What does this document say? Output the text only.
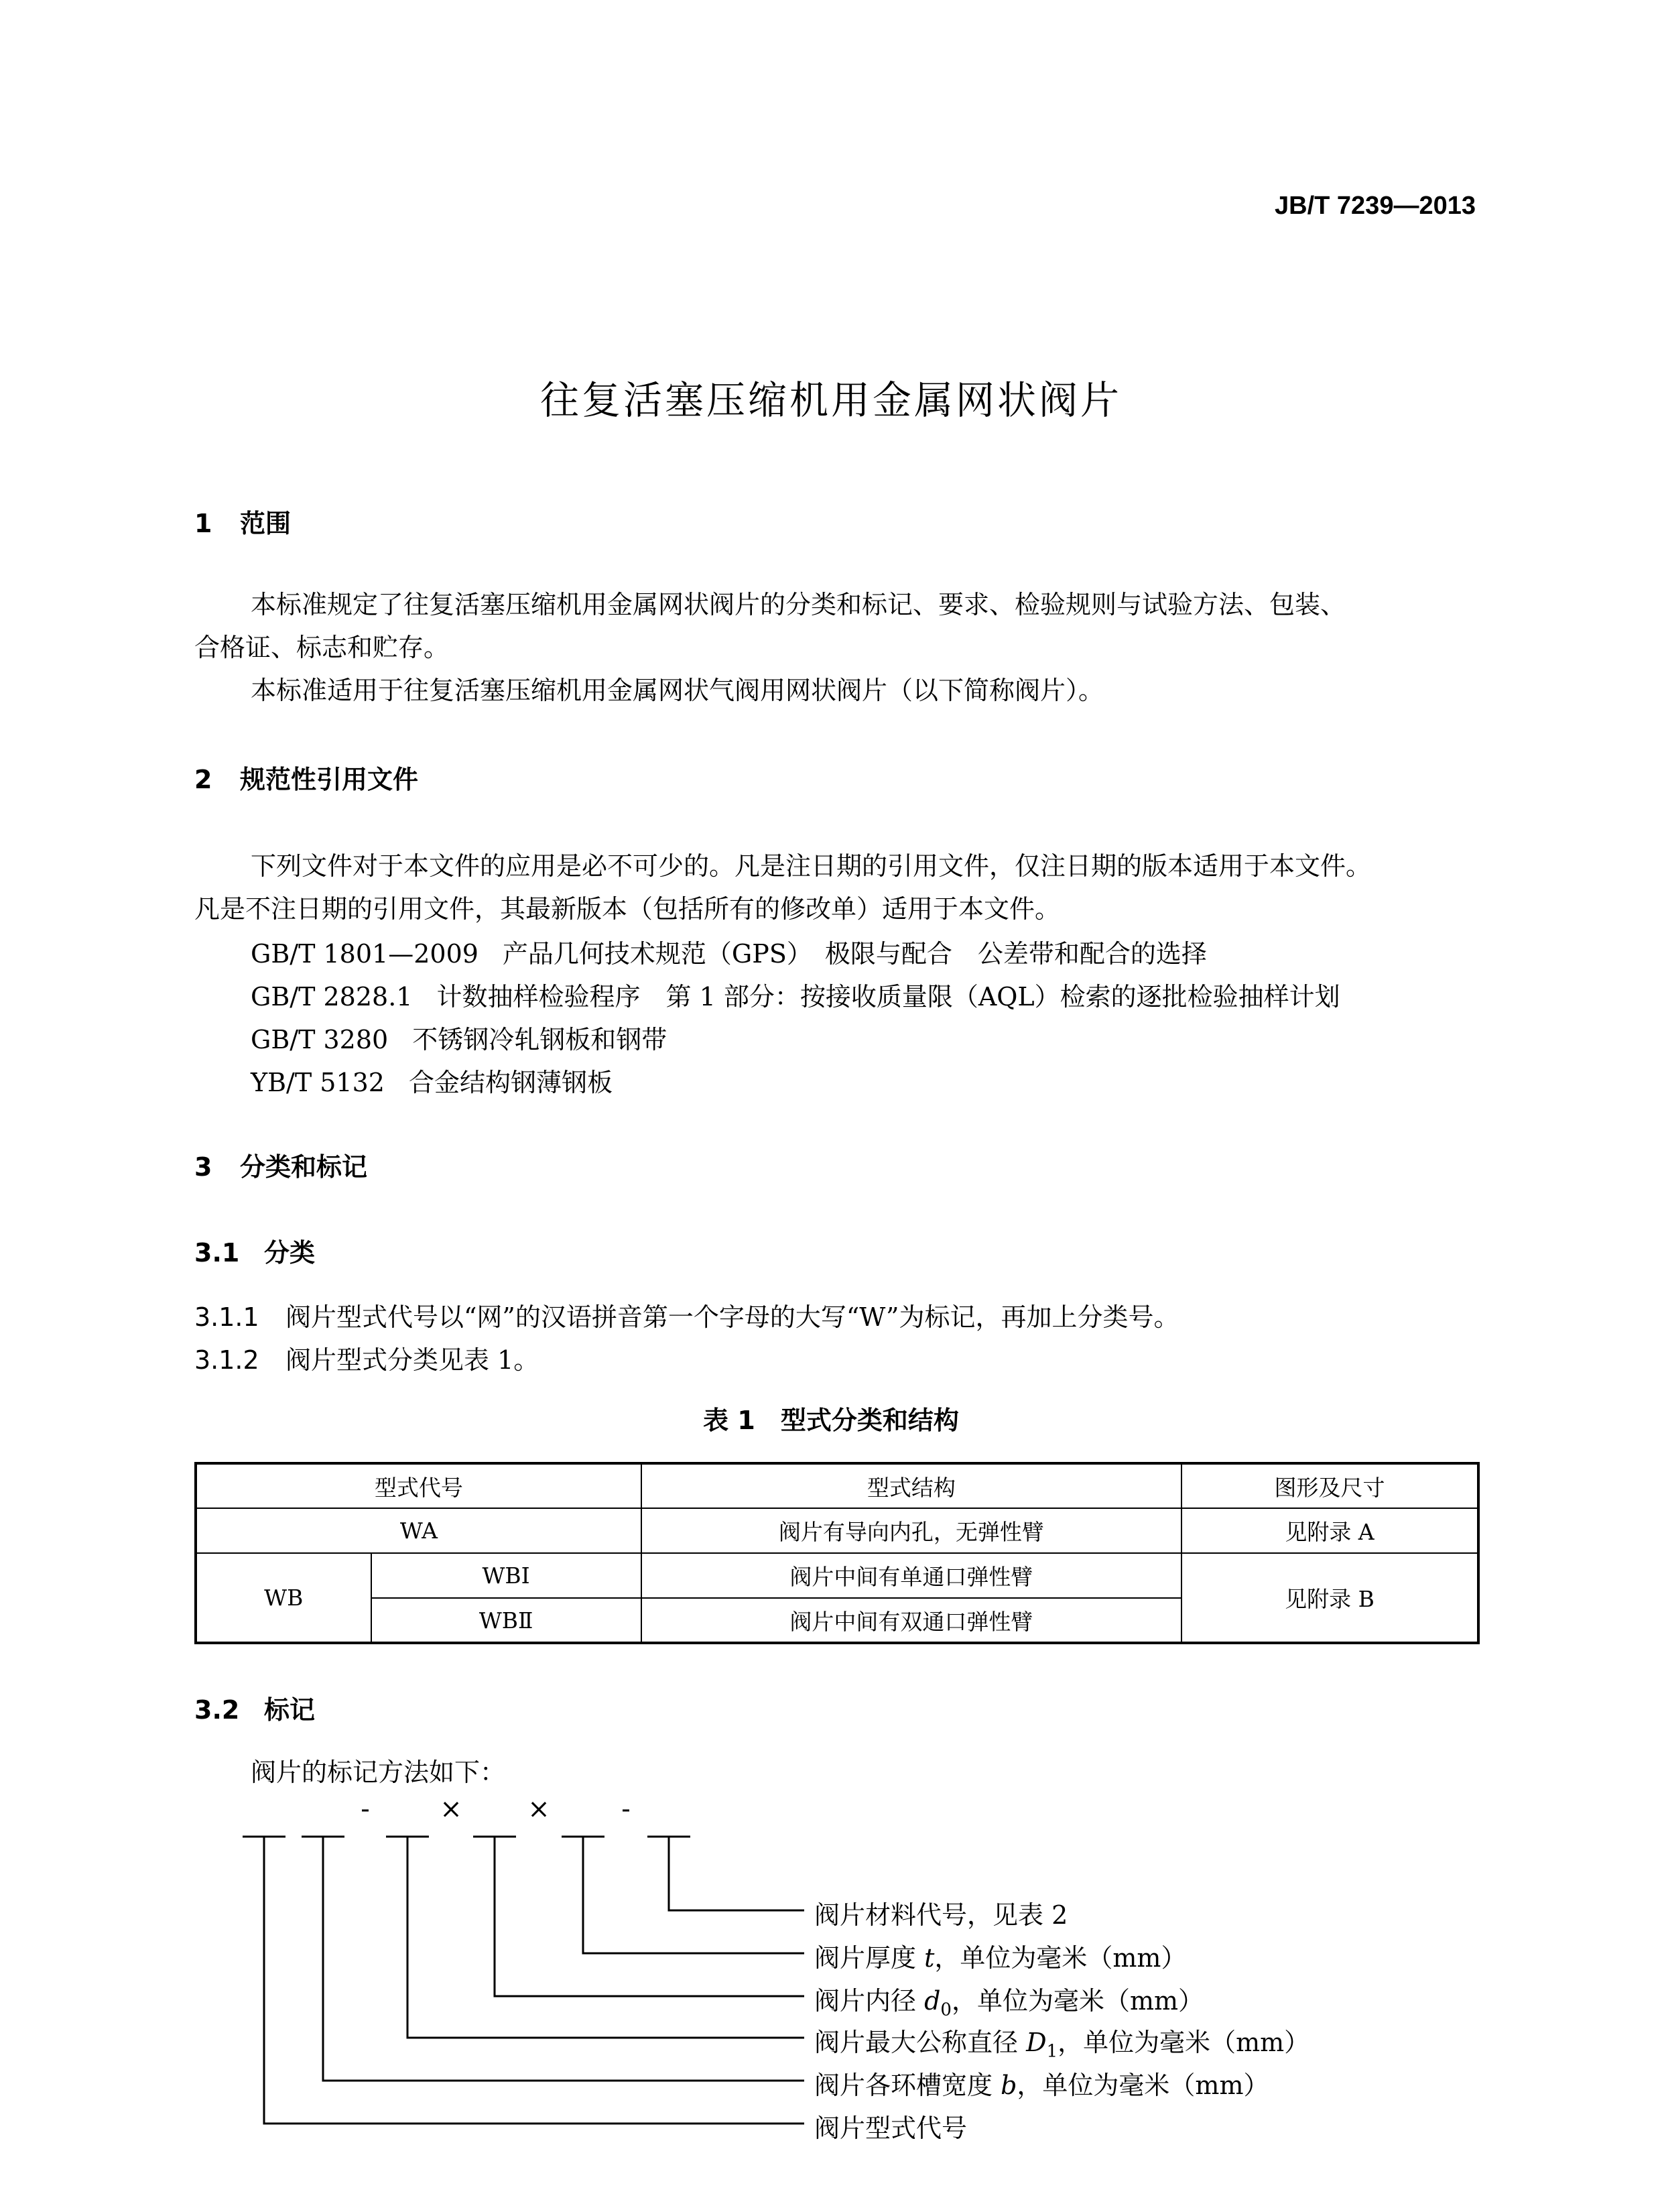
JB/T 7239—2013
往复活塞压缩机用金属网状阀片
1 范围
本标准规定了往复活塞压缩机用金属网状阀片的分类和标记、要求、检验规则与试验方法、包装、
合格证、标志和贮存。
本标准适用于往复活塞压缩机用金属网状气阀用网状阀片（以下简称阀片）。
2 规范性引用文件
下列文件对于本文件的应用是必不可少的。凡是注日期的引用文件，仅注日期的版本适用于本文件。
凡是不注日期的引用文件，其最新版本（包括所有的修改单）适用于本文件。
GB/T 1801—2009 产品几何技术规范（GPS）　极限与配合　公差带和配合的选择
GB/T 2828.1 计数抽样检验程序　第 1 部分：按接收质量限（AQL）检索的逐批检验抽样计划
GB/T 3280 不锈钢冷轧钢板和钢带
YB/T 5132 合金结构钢薄钢板
3 分类和标记
3.1 分类
3.1.1 阀片型式代号以“网”的汉语拼音第一个字母的大写“W”为标记，再加上分类号。
3.1.2 阀片型式分类见表 1。
表 1　型式分类和结构
型式代号		型式结构	图形及尺寸
WA		阀片有导向内孔，无弹性臂	见附录 A
WB	WBⅠ	阀片中间有单通口弹性臂	见附录 B
	WBⅡ	阀片中间有双通口弹性臂	
3.2 标记
阀片的标记方法如下：
-	× ×	-
阀片材料代号，见表 2
阀片厚度 t，单位为毫米（mm）
阀片内径 $d_0$，单位为毫米（mm）
阀片最大公称直径 $D_1$，单位为毫米（mm）
阀片各环槽宽度 b，单位为毫米（mm）
阀片型式代号
